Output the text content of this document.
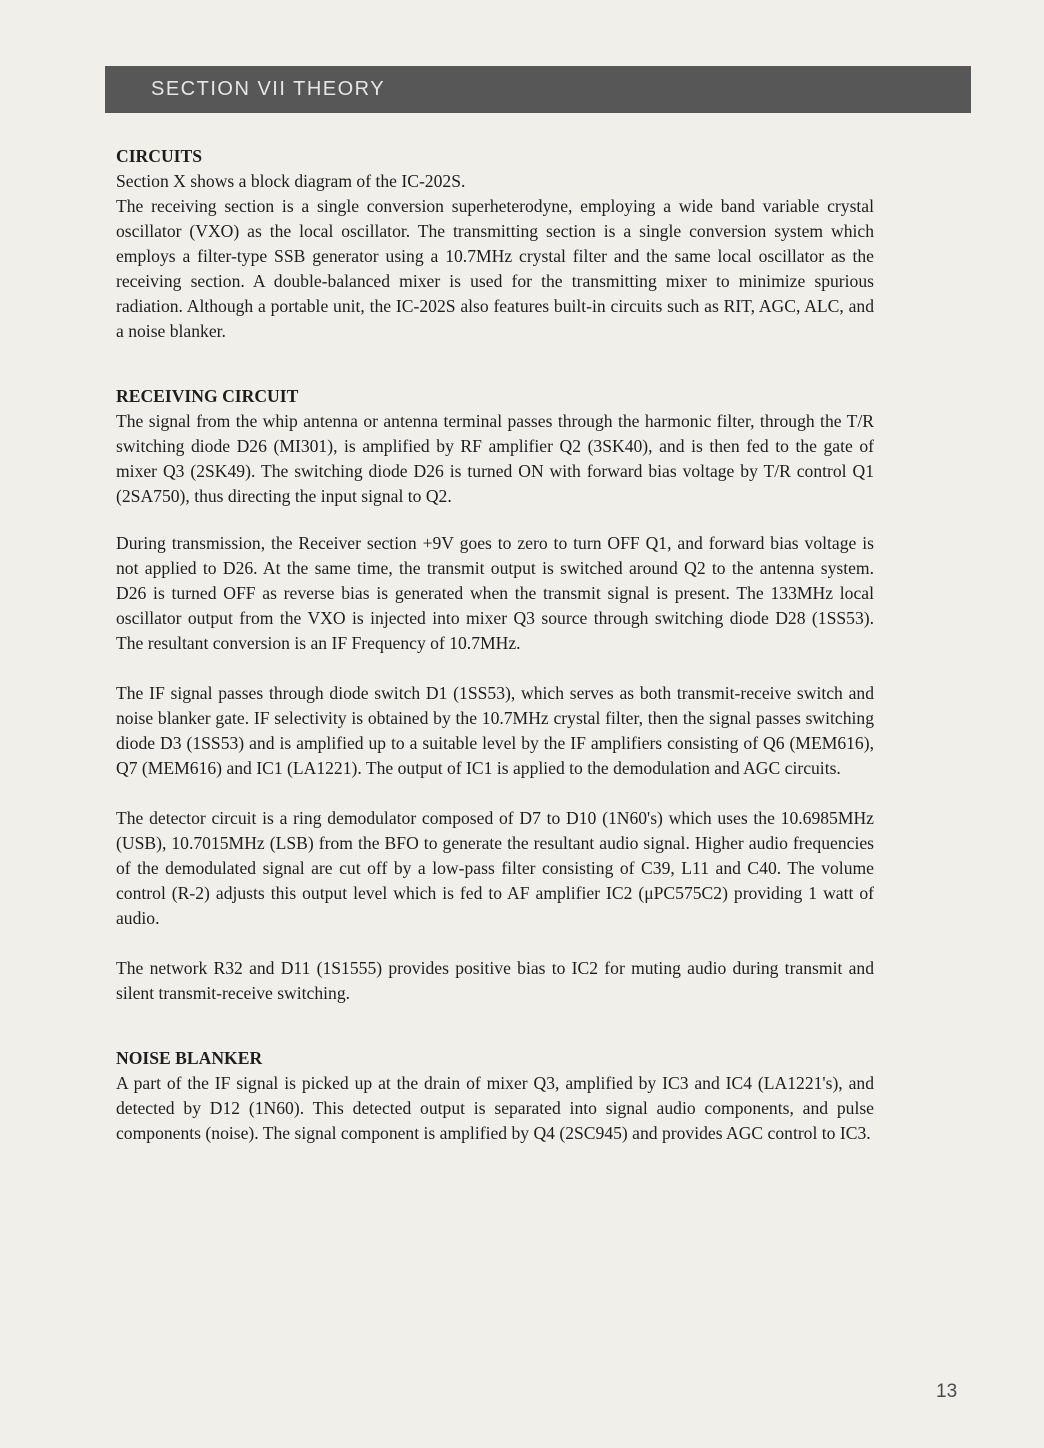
SECTION VII THEORY
CIRCUITS

Section X shows a block diagram of the IC-202S.

The receiving section is a single conversion superheterodyne, employing a wide band variable crystal oscillator (VXO) as the local oscillator. The transmitting section is a single conversion system which employs a filter-type SSB generator using a 10.7MHz crystal filter and the same local oscillator as the receiving section. A double-balanced mixer is used for the transmitting mixer to minimize spurious radiation. Although a portable unit, the IC-202S also features built-in circuits such as RIT, AGC, ALC, and a noise blanker.

RECEIVING CIRCUIT

The signal from the whip antenna or antenna terminal passes through the harmonic filter, through the T/R switching diode D26 (MI301), is amplified by RF amplifier Q2 (3SK40), and is then fed to the gate of mixer Q3 (2SK49). The switching diode D26 is turned ON with forward bias voltage by T/R control Q1 (2SA750), thus directing the input signal to Q2.

During transmission, the Receiver section +9V goes to zero to turn OFF Q1, and forward bias voltage is not applied to D26. At the same time, the transmit output is switched around Q2 to the antenna system. D26 is turned OFF as reverse bias is generated when the transmit signal is present. The 133MHz local oscillator output from the VXO is injected into mixer Q3 source through switching diode D28 (1SS53). The resultant conversion is an IF Frequency of 10.7MHz.

The IF signal passes through diode switch D1 (1SS53), which serves as both transmit-receive switch and noise blanker gate. IF selectivity is obtained by the 10.7MHz crystal filter, then the signal passes switching diode D3 (1SS53) and is amplified up to a suitable level by the IF amplifiers consisting of Q6 (MEM616), Q7 (MEM616) and IC1 (LA1221). The output of IC1 is applied to the demodulation and AGC circuits.

The detector circuit is a ring demodulator composed of D7 to D10 (1N60's) which uses the 10.6985MHz (USB), 10.7015MHz (LSB) from the BFO to generate the resultant audio signal. Higher audio frequencies of the demodulated signal are cut off by a low-pass filter consisting of C39, L11 and C40. The volume control (R-2) adjusts this output level which is fed to AF amplifier IC2 (μPC575C2) providing 1 watt of audio.

The network R32 and D11 (1S1555) provides positive bias to IC2 for muting audio during transmit and silent transmit-receive switching.

NOISE BLANKER

A part of the IF signal is picked up at the drain of mixer Q3, amplified by IC3 and IC4 (LA1221's), and detected by D12 (1N60). This detected output is separated into signal audio components, and pulse components (noise). The signal component is amplified by Q4 (2SC945) and provides AGC control to IC3.

13
